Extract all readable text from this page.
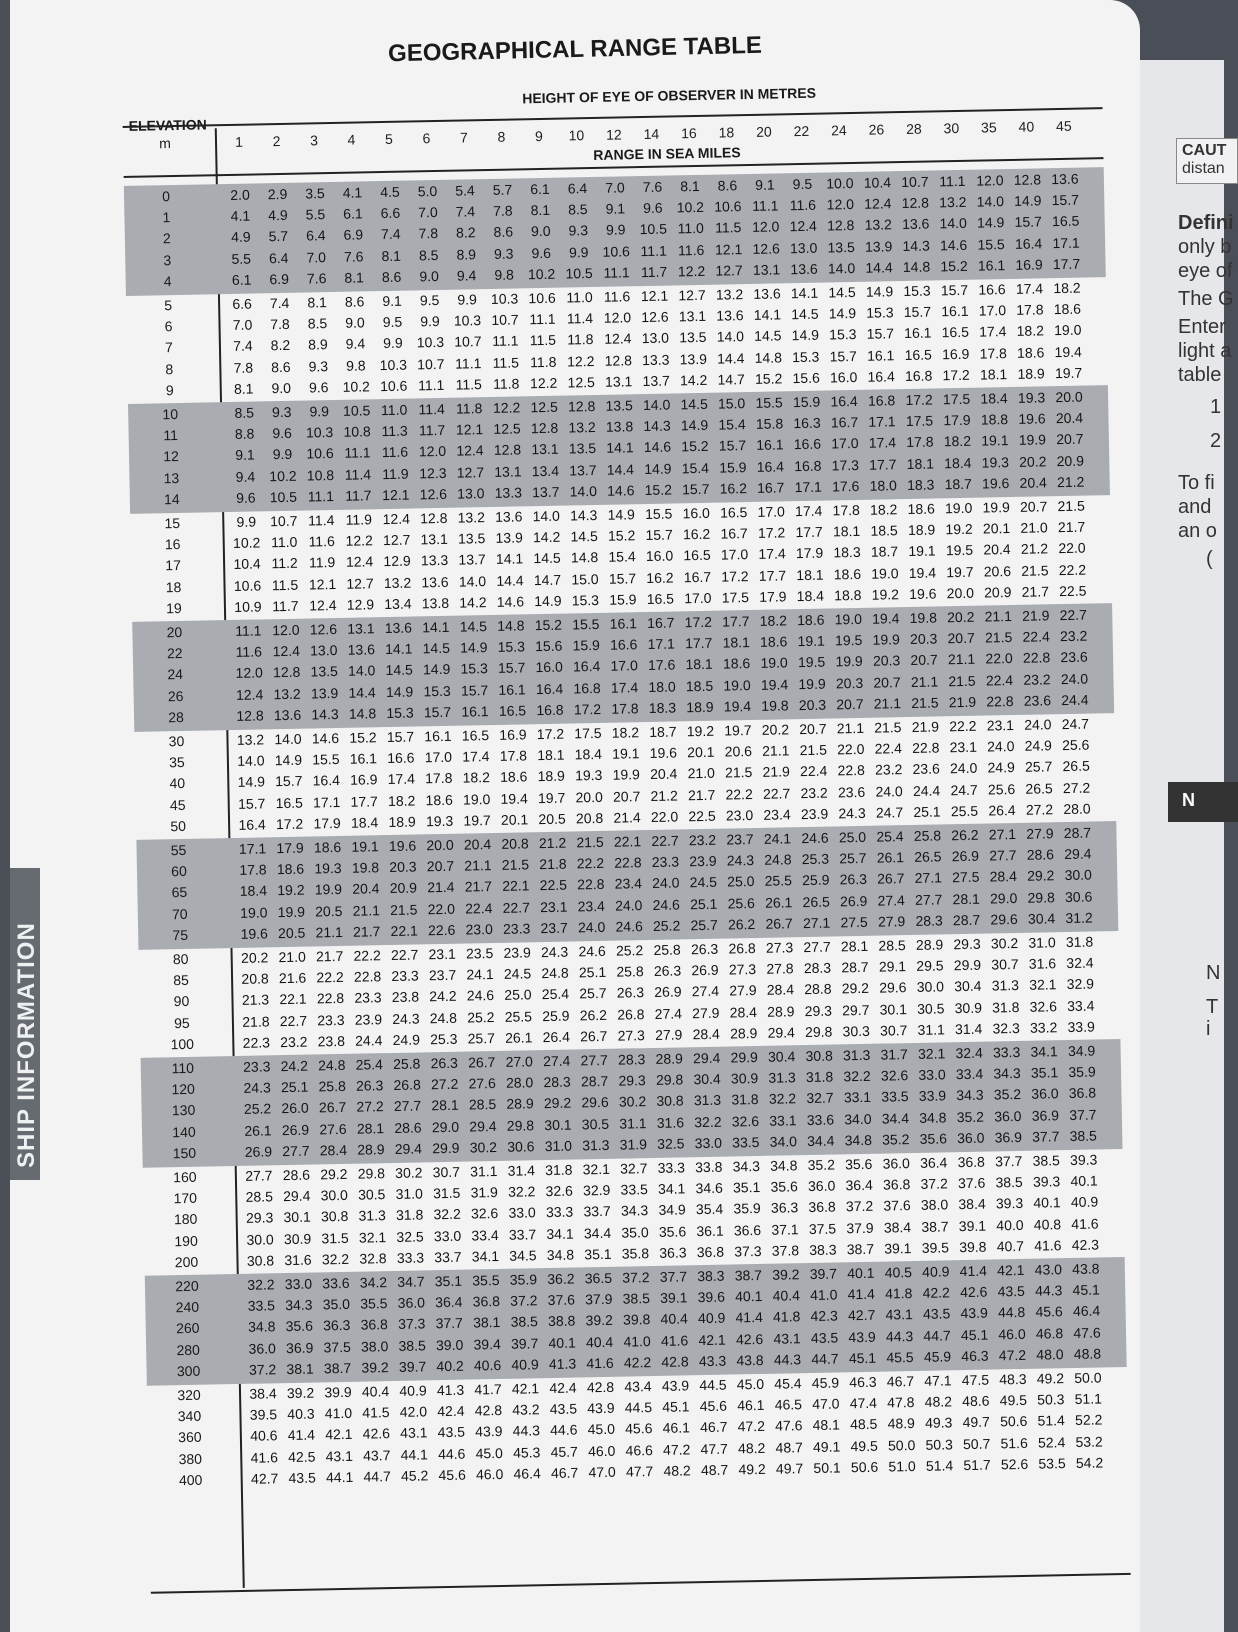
SHIP INFORMATION
GEOGRAPHICAL RANGE TABLE
HEIGHT OF EYE OF OBSERVER IN METRES
RANGE IN SEA MILES
m	1	2	3	4	5	6	7	8	9	10	12	14	16	18	20	22	24	26	28	30	35	40	45
0	2.0	2.9	3.5	4.1	4.5	5.0	5.4	5.7	6.1	6.4	7.0	7.6	8.1	8.6	9.1	9.5 10.0 10.4 10.7 11.1 12.0 12.8 13.6
1	4.1	4.9	5.5	6.1	6.6	7.0	7.4	7.8	8.1	8.5	9.1	9.6 10.2 10.6 11.1 11.6 12.0 12.4 12.8 13.2 14.0 14.9 15.7
2	4.9	5.7	6.4	6.9	7.4	7.8	8.2	8.6	9.0	9.3	9.9 10.5 11.0 11.5 12.0 12.4 12.8 13.2 13.6 14.0 14.9 15.7 16.5
3	5.5	6.4	7.0	7.6	8.1	8.5	8.9	9.3	9.6	9.9 10.6 11.1 11.6 12.1 12.6 13.0 13.5 13.9 14.3 14.6 15.5 16.4 17.1
4	6.1	6.9	7.6	8.1	8.6	9.0	9.4	9.8 10.2 10.5 11.1 11.7 12.2 12.7 13.1 13.6 14.0 14.4 14.8 15.2 16.1 16.9 17.7
5	6.6	7.4	8.1	8.6	9.1	9.5	9.9 10.3 10.6 11.0 11.6 12.1 12.7 13.2 13.6 14.1 14.5 14.9 15.3 15.7 16.6 17.4 18.2
6	7.0	7.8	8.5	9.0	9.5	9.9 10.3 10.7 11.1 11.4 12.0 12.6 13.1 13.6 14.1 14.5 14.9 15.3 15.7 16.1 17.0 17.8 18.6
7	7.4	8.2	8.9	9.4	9.9 10.3 10.7 11.1 11.5 11.8 12.4 13.0 13.5 14.0 14.5 14.9 15.3 15.7 16.1 16.5 17.4 18.2 19.0
8	7.8	8.6	9.3	9.8 10.3 10.7 11.1 11.5 11.8 12.2 12.8 13.3 13.9 14.4 14.8 15.3 15.7 16.1 16.5 16.9 17.8 18.6 19.4
9	8.1	9.0	9.6 10.2 10.6 11.1 11.5 11.8 12.2 12.5 13.1 13.7 14.2 14.7 15.2 15.6 16.0 16.4 16.8 17.2 18.1 18.9 19.7
10	8.5	9.3	9.9 10.5 11.0 11.4 11.8 12.2 12.5 12.8 13.5 14.0 14.5 15.0 15.5 15.9 16.4 16.8 17.2 17.5 18.4 19.3 20.0
11	8.8	9.6 10.3 10.8 11.3 11.7 12.1 12.5 12.8 13.2 13.8 14.3 14.9 15.4 15.8 16.3 16.7 17.1 17.5 17.9 18.8 19.6 20.4
12	9.1	9.9 10.6 11.1 11.6 12.0 12.4 12.8 13.1 13.5 14.1 14.6 15.2 15.7 16.1 16.6 17.0 17.4 17.8 18.2 19.1 19.9 20.7
13	9.4 10.2 10.8 11.4 11.9 12.3 12.7 13.1 13.4 13.7 14.4 14.9 15.4 15.9 16.4 16.8 17.3 17.7 18.1 18.4 19.3 20.2 20.9
14	9.6 10.5 11.1 11.7 12.1 12.6 13.0 13.3 13.7 14.0 14.6 15.2 15.7 16.2 16.7 17.1 17.6 18.0 18.3 18.7 19.6 20.4 21.2
15	9.9 10.7 11.4 11.9 12.4 12.8 13.2 13.6 14.0 14.3 14.9 15.5 16.0 16.5 17.0 17.4 17.8 18.2 18.6 19.0 19.9 20.7 21.5
16	10.2 11.0 11.6 12.2 12.7 13.1 13.5 13.9 14.2 14.5 15.2 15.7 16.2 16.7 17.2 17.7 18.1 18.5 18.9 19.2 20.1 21.0 21.7
17	10.4 11.2 11.9 12.4 12.9 13.3 13.7 14.1 14.5 14.8 15.4 16.0 16.5 17.0 17.4 17.9 18.3 18.7 19.1 19.5 20.4 21.2 22.0
18	10.6 11.5 12.1 12.7 13.2 13.6 14.0 14.4 14.7 15.0 15.7 16.2 16.7 17.2 17.7 18.1 18.6 19.0 19.4 19.7 20.6 21.5 22.2
19	10.9 11.7 12.4 12.9 13.4 13.8 14.2 14.6 14.9 15.3 15.9 16.5 17.0 17.5 17.9 18.4 18.8 19.2 19.6 20.0 20.9 21.7 22.5
20	11.1 12.0 12.6 13.1 13.6 14.1 14.5 14.8 15.2 15.5 16.1 16.7 17.2 17.7 18.2 18.6 19.0 19.4 19.8 20.2 21.1 21.9 22.7
22	11.6 12.4 13.0 13.6 14.1 14.5 14.9 15.3 15.6 15.9 16.6 17.1 17.7 18.1 18.6 19.1 19.5 19.9 20.3 20.7 21.5 22.4 23.2
24	12.0 12.8 13.5 14.0 14.5 14.9 15.3 15.7 16.0 16.4 17.0 17.6 18.1 18.6 19.0 19.5 19.9 20.3 20.7 21.1 22.0 22.8 23.6
26	12.4 13.2 13.9 14.4 14.9 15.3 15.7 16.1 16.4 16.8 17.4 18.0 18.5 19.0 19.4 19.9 20.3 20.7 21.1 21.5 22.4 23.2 24.0
28	12.8 13.6 14.3 14.8 15.3 15.7 16.1 16.5 16.8 17.2 17.8 18.3 18.9 19.4 19.8 20.3 20.7 21.1 21.5 21.9 22.8 23.6 24.4
30	13.2 14.0 14.6 15.2 15.7 16.1 16.5 16.9 17.2 17.5 18.2 18.7 19.2 19.7 20.2 20.7 21.1 21.5 21.9 22.2 23.1 24.0 24.7
35	14.0 14.9 15.5 16.1 16.6 17.0 17.4 17.8 18.1 18.4 19.1 19.6 20.1 20.6 21.1 21.5 22.0 22.4 22.8 23.1 24.0 24.9 25.6
40	14.9 15.7 16.4 16.9 17.4 17.8 18.2 18.6 18.9 19.3 19.9 20.4 21.0 21.5 21.9 22.4 22.8 23.2 23.6 24.0 24.9 25.7 26.5
45	15.7 16.5 17.1 17.7 18.2 18.6 19.0 19.4 19.7 20.0 20.7 21.2 21.7 22.2 22.7 23.2 23.6 24.0 24.4 24.7 25.6 26.5 27.2
50	16.4 17.2 17.9 18.4 18.9 19.3 19.7 20.1 20.5 20.8 21.4 22.0 22.5 23.0 23.4 23.9 24.3 24.7 25.1 25.5 26.4 27.2 28.0
55	17.1 17.9 18.6 19.1 19.6 20.0 20.4 20.8 21.2 21.5 22.1 22.7 23.2 23.7 24.1 24.6 25.0 25.4 25.8 26.2 27.1 27.9 28.7
60	17.8 18.6 19.3 19.8 20.3 20.7 21.1 21.5 21.8 22.2 22.8 23.3 23.9 24.3 24.8 25.3 25.7 26.1 26.5 26.9 27.7 28.6 29.4
65	18.4 19.2 19.9 20.4 20.9 21.4 21.7 22.1 22.5 22.8 23.4 24.0 24.5 25.0 25.5 25.9 26.3 26.7 27.1 27.5 28.4 29.2 30.0
70	19.0 19.9 20.5 21.1 21.5 22.0 22.4 22.7 23.1 23.4 24.0 24.6 25.1 25.6 26.1 26.5 26.9 27.4 27.7 28.1 29.0 29.8 30.6
75	19.6 20.5 21.1 21.7 22.1 22.6 23.0 23.3 23.7 24.0 24.6 25.2 25.7 26.2 26.7 27.1 27.5 27.9 28.3 28.7 29.6 30.4 31.2
80	20.2 21.0 21.7 22.2 22.7 23.1 23.5 23.9 24.3 24.6 25.2 25.8 26.3 26.8 27.3 27.7 28.1 28.5 28.9 29.3 30.2 31.0 31.8
85	20.8 21.6 22.2 22.8 23.3 23.7 24.1 24.5 24.8 25.1 25.8 26.3 26.9 27.3 27.8 28.3 28.7 29.1 29.5 29.9 30.7 31.6 32.4
90	21.3 22.1 22.8 23.3 23.8 24.2 24.6 25.0 25.4 25.7 26.3 26.9 27.4 27.9 28.4 28.8 29.2 29.6 30.0 30.4 31.3 32.1 32.9
95	21.8 22.7 23.3 23.9 24.3 24.8 25.2 25.5 25.9 26.2 26.8 27.4 27.9 28.4 28.9 29.3 29.7 30.1 30.5 30.9 31.8 32.6 33.4
100	22.3 23.2 23.8 24.4 24.9 25.3 25.7 26.1 26.4 26.7 27.3 27.9 28.4 28.9 29.4 29.8 30.3 30.7 31.1 31.4 32.3 33.2 33.9
110	23.3 24.2 24.8 25.4 25.8 26.3 26.7 27.0 27.4 27.7 28.3 28.9 29.4 29.9 30.4 30.8 31.3 31.7 32.1 32.4 33.3 34.1 34.9
120	24.3 25.1 25.8 26.3 26.8 27.2 27.6 28.0 28.3 28.7 29.3 29.8 30.4 30.9 31.3 31.8 32.2 32.6 33.0 33.4 34.3 35.1 35.9
130	25.2 26.0 26.7 27.2 27.7 28.1 28.5 28.9 29.2 29.6 30.2 30.8 31.3 31.8 32.2 32.7 33.1 33.5 33.9 34.3 35.2 36.0 36.8
140	26.1 26.9 27.6 28.1 28.6 29.0 29.4 29.8 30.1 30.5 31.1 31.6 32.2 32.6 33.1 33.6 34.0 34.4 34.8 35.2 36.0 36.9 37.7
150	26.9 27.7 28.4 28.9 29.4 29.9 30.2 30.6 31.0 31.3 31.9 32.5 33.0 33.5 34.0 34.4 34.8 35.2 35.6 36.0 36.9 37.7 38.5
160	27.7 28.6 29.2 29.8 30.2 30.7 31.1 31.4 31.8 32.1 32.7 33.3 33.8 34.3 34.8 35.2 35.6 36.0 36.4 36.8 37.7 38.5 39.3
170	28.5 29.4 30.0 30.5 31.0 31.5 31.9 32.2 32.6 32.9 33.5 34.1 34.6 35.1 35.6 36.0 36.4 36.8 37.2 37.6 38.5 39.3 40.1
180	29.3 30.1 30.8 31.3 31.8 32.2 32.6 33.0 33.3 33.7 34.3 34.9 35.4 35.9 36.3 36.8 37.2 37.6 38.0 38.4 39.3 40.1 40.9
190	30.0 30.9 31.5 32.1 32.5 33.0 33.4 33.7 34.1 34.4 35.0 35.6 36.1 36.6 37.1 37.5 37.9 38.4 38.7 39.1 40.0 40.8 41.6
200	30.8 31.6 32.2 32.8 33.3 33.7 34.1 34.5 34.8 35.1 35.8 36.3 36.8 37.3 37.8 38.3 38.7 39.1 39.5 39.8 40.7 41.6 42.3
220	32.2 33.0 33.6 34.2 34.7 35.1 35.5 35.9 36.2 36.5 37.2 37.7 38.3 38.7 39.2 39.7 40.1 40.5 40.9 41.4 42.1 43.0 43.8
240	33.5 34.3 35.0 35.5 36.0 36.4 36.8 37.2 37.6 37.9 38.5 39.1 39.6 40.1 40.4 41.0 41.4 41.8 42.2 42.6 43.5 44.3 45.1
260	34.8 35.6 36.3 36.8 37.3 37.7 38.1 38.5 38.8 39.2 39.8 40.4 40.9 41.4 41.8 42.3 42.7 43.1 43.5 43.9 44.8 45.6 46.4
280	36.0 36.9 37.5 38.0 38.5 39.0 39.4 39.7 40.1 40.4 41.0 41.6 42.1 42.6 43.1 43.5 43.9 44.3 44.7 45.1 46.0 46.8 47.6
300	37.2 38.1 38.7 39.2 39.7 40.2 40.6 40.9 41.3 41.6 42.2 42.8 43.3 43.8 44.3 44.7 45.1 45.5 45.9 46.3 47.2 48.0 48.8
320	38.4 39.2 39.9 40.4 40.9 41.3 41.7 42.1 42.4 42.8 43.4 43.9 44.5 45.0 45.4 45.9 46.3 46.7 47.1 47.5 48.3 49.2 50.0
340	39.5 40.3 41.0 41.5 42.0 42.4 42.8 43.2 43.5 43.9 44.5 45.1 45.6 46.1 46.5 47.0 47.4 47.8 48.2 48.6 49.5 50.3 51.1
360	40.6 41.4 42.1 42.6 43.1 43.5 43.9 44.3 44.6 45.0 45.6 46.1 46.7 47.2 47.6 48.1 48.5 48.9 49.3 49.7 50.6 51.4 52.2
380	41.6 42.5 43.1 43.7 44.1 44.6 45.0 45.3 45.7 46.0 46.6 47.2 47.7 48.2 48.7 49.1 49.5 50.0 50.3 50.7 51.6 52.4 53.2
400	42.7 43.5 44.1 44.7 45.2 45.6 46.0 46.4 46.7 47.0 47.7 48.2 48.7 49.2 49.7 50.1 50.6 51.0 51.4 51.7 52.6 53.5 54.2
CAUT
distan
Defini
only b
eye of
The G
Enter
light a
table
1
2
To fi
and
an o
(
N
N
T
i
